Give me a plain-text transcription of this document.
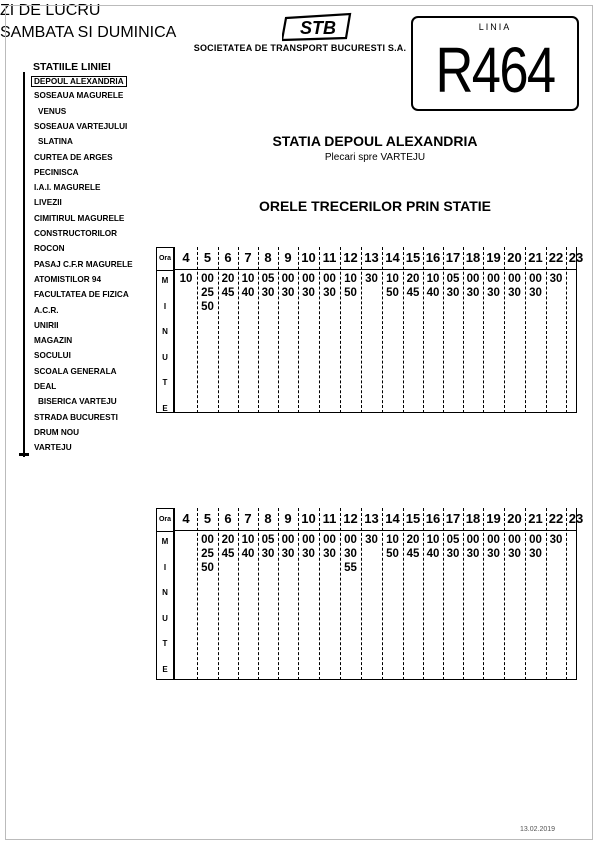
STB
SOCIETATEA DE TRANSPORT BUCURESTI S.A.
LINIA
R464
STATIILE LINIEI
DEPOUL ALEXANDRIA
SOSEAUA MAGURELE
VENUS
SOSEAUA VARTEJULUI
SLATINA
CURTEA DE ARGES
PECINISCA
I.A.I. MAGURELE
LIVEZII
CIMITIRUL MAGURELE
CONSTRUCTORILOR
ROCON
PASAJ C.F.R MAGURELE
ATOMISTILOR 94
FACULTATEA DE FIZICA
A.C.R.
UNIRII
MAGAZIN
SOCULUI
SCOALA GENERALA
DEAL
BISERICA VARTEJU
STRADA BUCURESTI
DRUM NOU
VARTEJU
STATIA DEPOUL ALEXANDRIA
Plecari spre VARTEJU
ORELE TRECERILOR PRIN STATIE
ZI DE LUCRU
Ora
M
I
N
U
T
E
4
10
5
00
25
50
6
20
45
7
10
40
8
05
30
9
00
30
10
00
30
11
00
30
12
10
50
13
30
14
10
50
15
20
45
16
10
40
17
05
30
18
00
30
19
00
30
20
00
30
21
00
30
22
30
23
SAMBATA SI DUMINICA
Ora
M
I
N
U
T
E
4	5
00
25
50
6
20
45
7
10
40
8
05
30
9
00
30
10
00
30
11
00
30
12
00
30
55
13
30
14
10
50
15
20
45
16
10
40
17
05
30
18
00
30
19
00
30
20
00
30
21
00
30
22
30
23
13.02.2019
